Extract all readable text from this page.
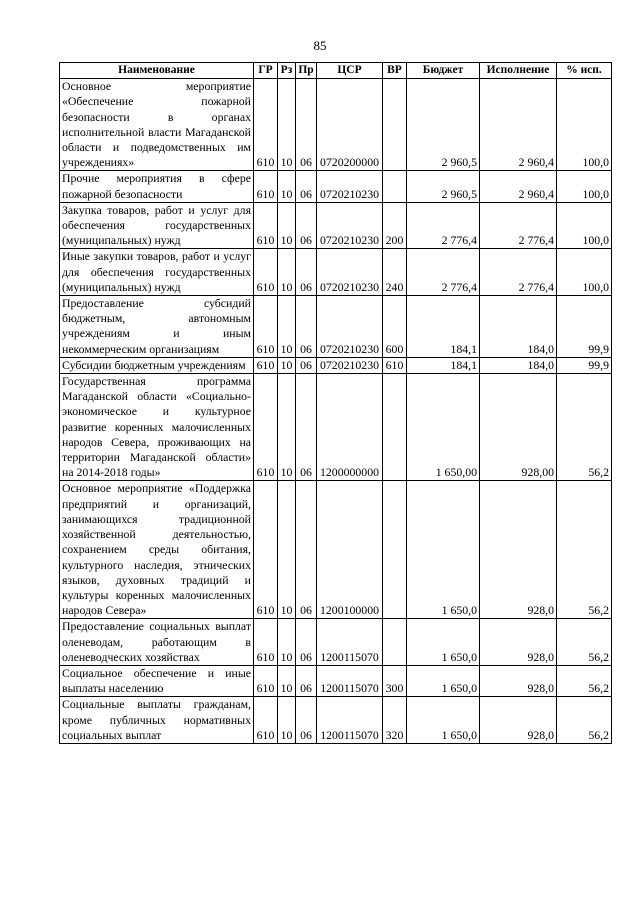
85
Наименование	ГР	Рз	Пр	ЦСР	ВР	Бюджет	Исполнение	% исп.

Основное мероприятие «Обеспечение пожарной безопасности в органах исполнительной власти Магаданской области и подведомственных им учреждениях»	610	10	06	0720200000		2 960,5	2 960,4	100,0

Прочие мероприятия в сфере пожарной безопасности	610	10	06	0720210230		2 960,5	2 960,4	100,0

Закупка товаров, работ и услуг для обеспечения государственных (муниципальных) нужд	610	10	06	0720210230	200	2 776,4	2 776,4	100,0

Иные закупки товаров, работ и услуг для обеспечения государственных (муниципальных) нужд	610	10	06	0720210230	240	2 776,4	2 776,4	100,0

Предоставление субсидий бюджетным, автономным учреждениям и иным некоммерческим организациям	610	10	06	0720210230	600	184,1	184,0	99,9

Субсидии бюджетным учреждениям	610	10	06	0720210230	610	184,1	184,0	99,9

Государственная программа Магаданской области «Социально-экономическое и культурное развитие коренных малочисленных народов Севера, проживающих на территории Магаданской области» на 2014-2018 годы»	610	10	06	1200000000		1 650,00	928,00	56,2

Основное мероприятие «Поддержка предприятий и организаций, занимающихся традиционной хозяйственной деятельностью, сохранением среды обитания, культурного наследия, этнических языков, духовных традиций и культуры коренных малочисленных народов Севера»	610	10	06	1200100000		1 650,0	928,0	56,2

Предоставление социальных выплат оленеводам, работающим в оленеводческих хозяйствах	610	10	06	1200115070		1 650,0	928,0	56,2

Социальное обеспечение и иные выплаты населению	610	10	06	1200115070	300	1 650,0	928,0	56,2

Социальные выплаты гражданам, кроме публичных нормативных социальных выплат	610	10	06	1200115070	320	1 650,0	928,0	56,2
